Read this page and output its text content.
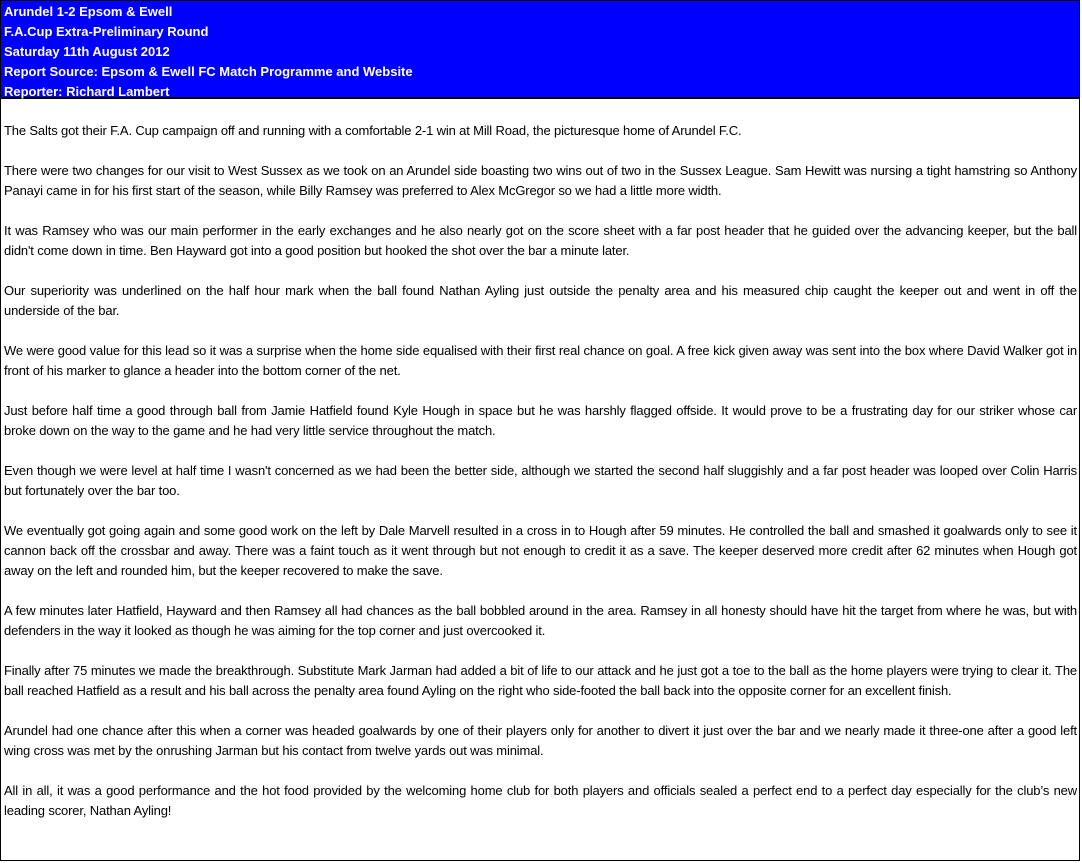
Arundel 1-2 Epsom & Ewell
F.A.Cup Extra-Preliminary Round
Saturday 11th August 2012
Report Source: Epsom & Ewell FC Match Programme and Website
Reporter: Richard Lambert

The Salts got their F.A. Cup campaign off and running with a comfortable 2-1 win at Mill Road, the picturesque home of Arundel F.C.

There were two changes for our visit to West Sussex as we took on an Arundel side boasting two wins out of two in the Sussex League. Sam Hewitt was nursing a tight hamstring so Anthony Panayi came in for his first start of the season, while Billy Ramsey was preferred to Alex McGregor so we had a little more width.

It was Ramsey who was our main performer in the early exchanges and he also nearly got on the score sheet with a far post header that he guided over the advancing keeper, but the ball didn't come down in time. Ben Hayward got into a good position but hooked the shot over the bar a minute later.

Our superiority was underlined on the half hour mark when the ball found Nathan Ayling just outside the penalty area and his measured chip caught the keeper out and went in off the underside of the bar.

We were good value for this lead so it was a surprise when the home side equalised with their first real chance on goal. A free kick given away was sent into the box where David Walker got in front of his marker to glance a header into the bottom corner of the net.

Just before half time a good through ball from Jamie Hatfield found Kyle Hough in space but he was harshly flagged offside. It would prove to be a frustrating day for our striker whose car broke down on the way to the game and he had very little service throughout the match.

Even though we were level at half time I wasn't concerned as we had been the better side, although we started the second half sluggishly and a far post header was looped over Colin Harris but fortunately over the bar too.

We eventually got going again and some good work on the left by Dale Marvell resulted in a cross in to Hough after 59 minutes. He controlled the ball and smashed it goalwards only to see it cannon back off the crossbar and away. There was a faint touch as it went through but not enough to credit it as a save. The keeper deserved more credit after 62 minutes when Hough got away on the left and rounded him, but the keeper recovered to make the save.

A few minutes later Hatfield, Hayward and then Ramsey all had chances as the ball bobbled around in the area. Ramsey in all honesty should have hit the target from where he was, but with defenders in the way it looked as though he was aiming for the top corner and just overcooked it.

Finally after 75 minutes we made the breakthrough. Substitute Mark Jarman had added a bit of life to our attack and he just got a toe to the ball as the home players were trying to clear it. The ball reached Hatfield as a result and his ball across the penalty area found Ayling on the right who side-footed the ball back into the opposite corner for an excellent finish.

Arundel had one chance after this when a corner was headed goalwards by one of their players only for another to divert it just over the bar and we nearly made it three-one after a good left wing cross was met by the onrushing Jarman but his contact from twelve yards out was minimal.

All in all, it was a good performance and the hot food provided by the welcoming home club for both players and officials sealed a perfect end to a perfect day especially for the club’s new leading scorer, Nathan Ayling!
